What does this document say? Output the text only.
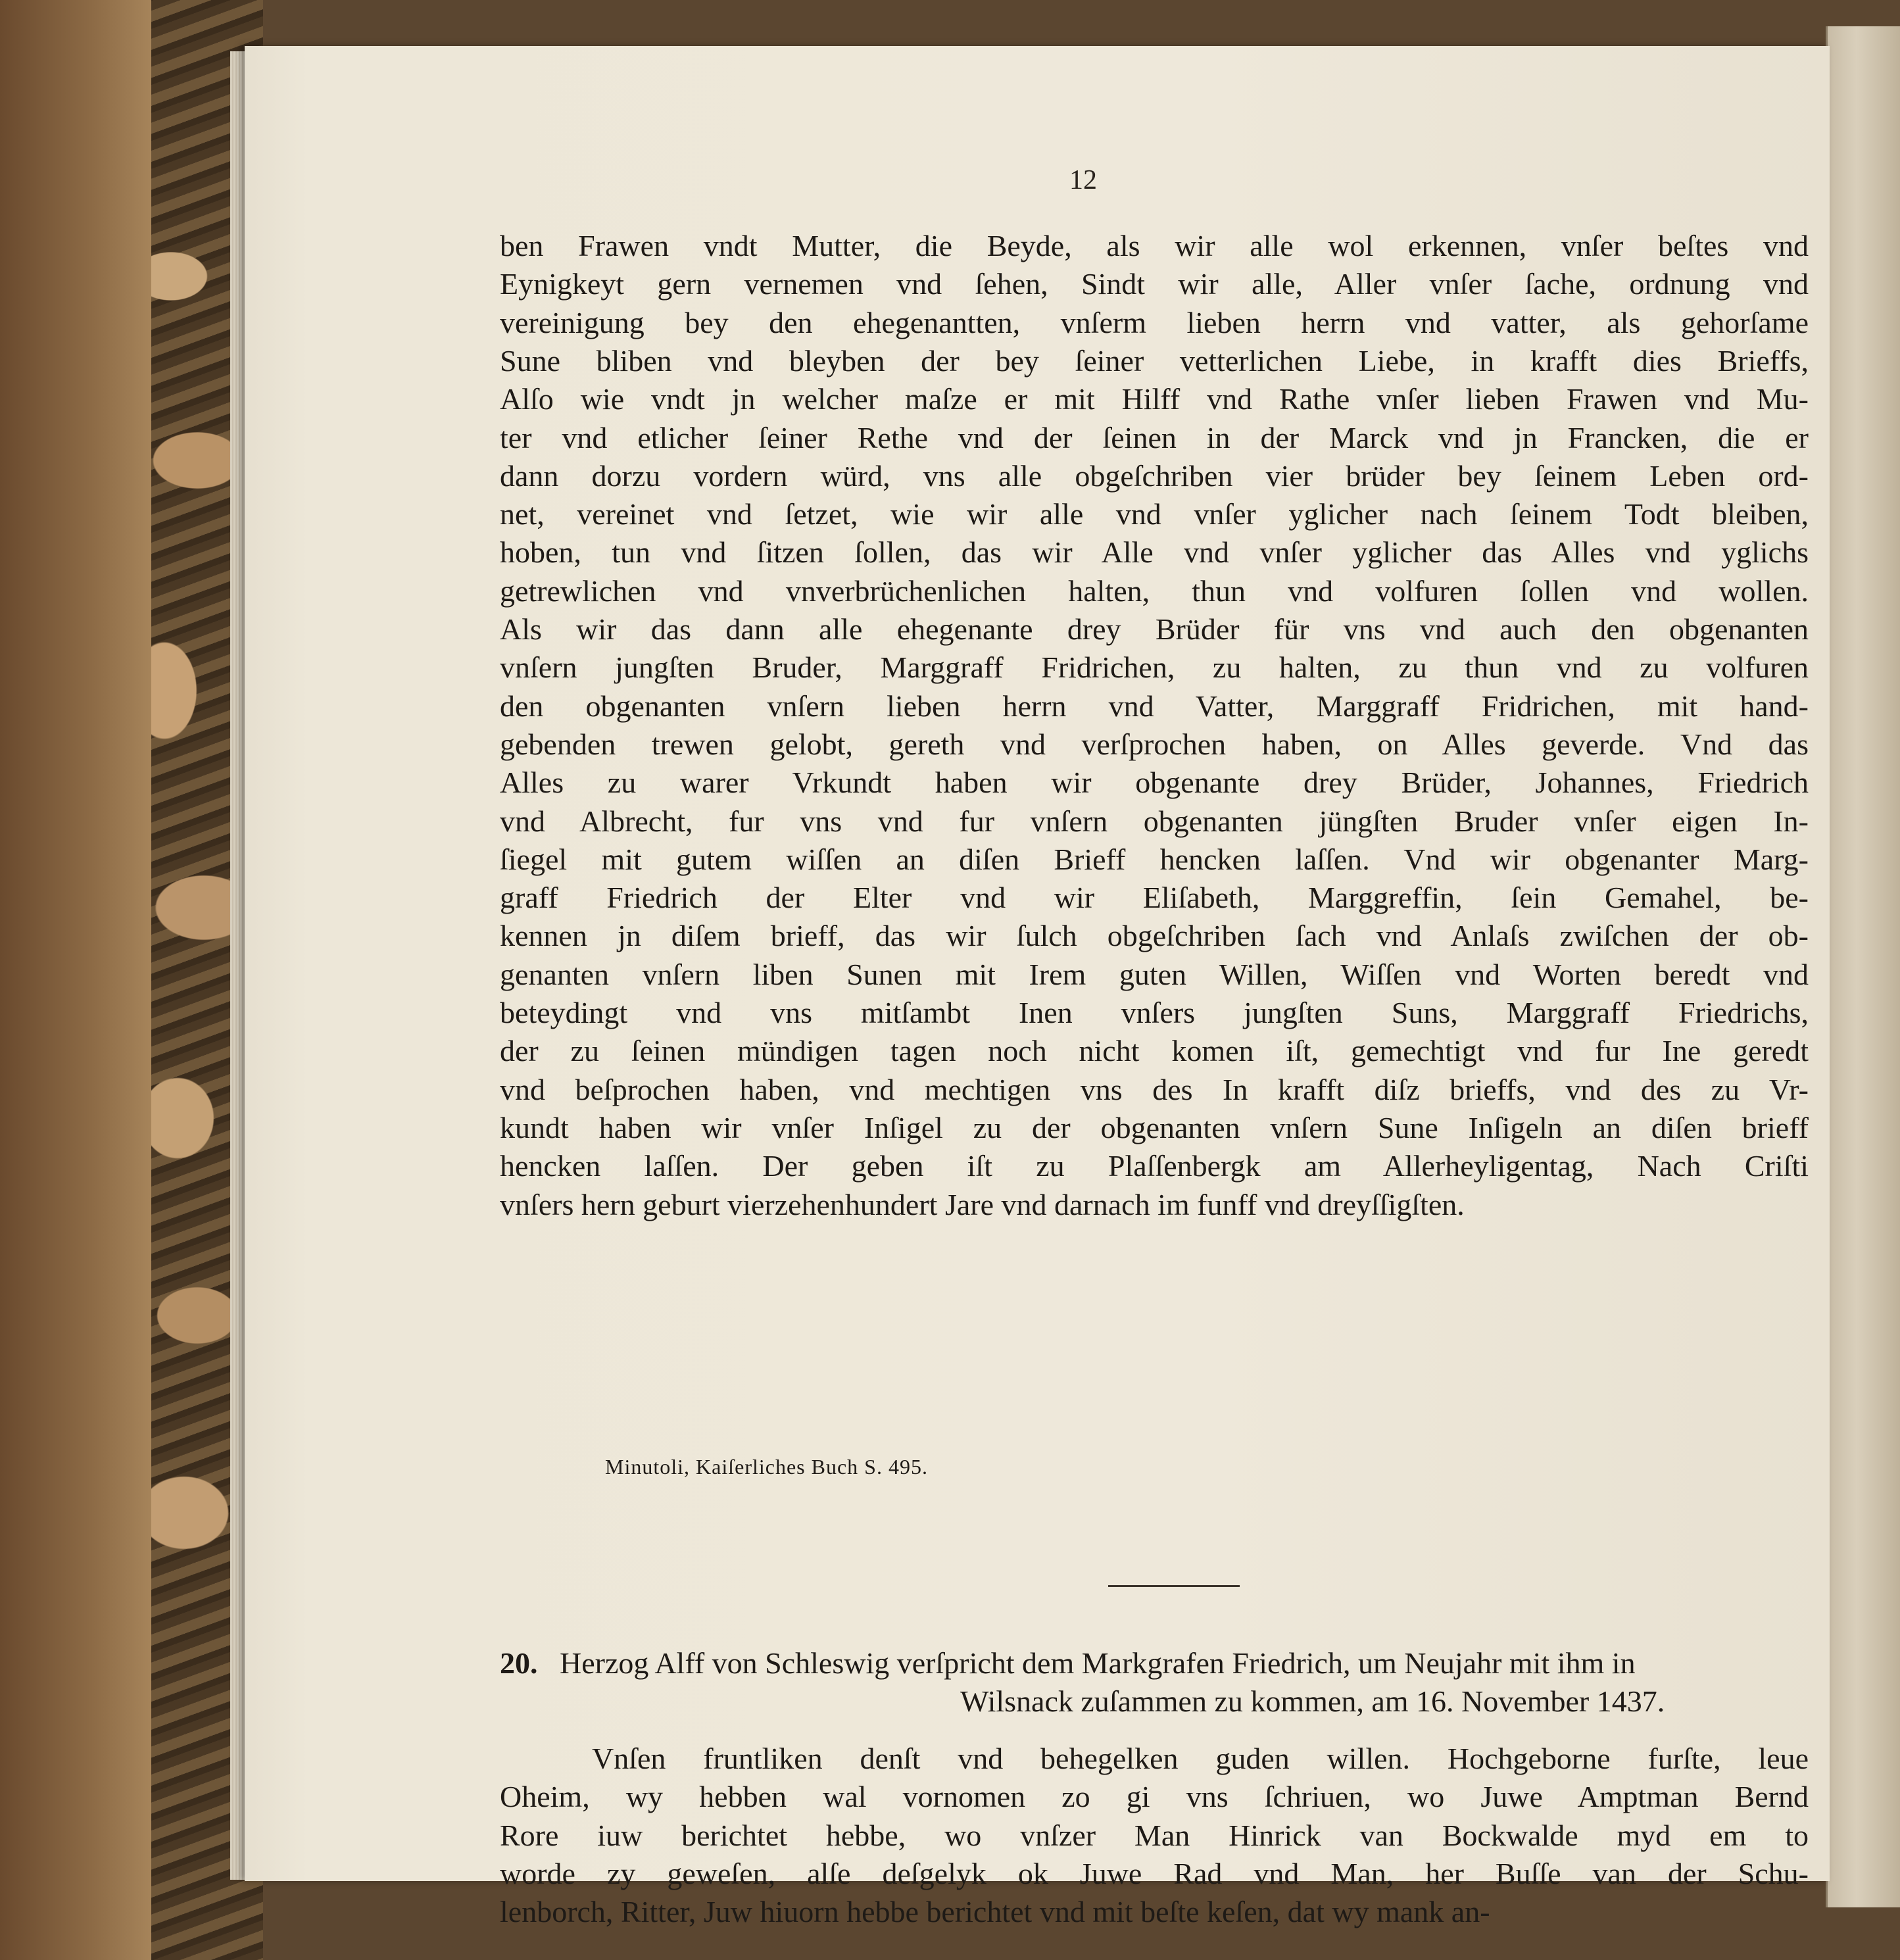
12
ben Frawen vndt Mutter, die Beyde, als wir alle wol erkennen, vnſer beſtes vnd
Eynigkeyt gern vernemen vnd ſehen, Sindt wir alle, Aller vnſer ſache, ordnung vnd
vereinigung bey den ehegenantten, vnſerm lieben herrn vnd vatter, als gehorſame
Sune bliben vnd bleyben der bey ſeiner vetterlichen Liebe, in krafft dies Brieffs,
Alſo wie vndt jn welcher maſze er mit Hilff vnd Rathe vnſer lieben Frawen vnd Mu-
ter vnd etlicher ſeiner Rethe vnd der ſeinen in der Marck vnd jn Francken, die er
dann dorzu vordern würd, vns alle obgeſchriben vier brüder bey ſeinem Leben ord-
net, vereinet vnd ſetzet, wie wir alle vnd vnſer yglicher nach ſeinem Todt bleiben,
hoben, tun vnd ſitzen ſollen, das wir Alle vnd vnſer yglicher das Alles vnd yglichs
getrewlichen vnd vnverbrüchenlichen halten, thun vnd volfuren ſollen vnd wollen.
Als wir das dann alle ehegenante drey Brüder für vns vnd auch den obgenanten
vnſern jungſten Bruder, Marggraff Fridrichen, zu halten, zu thun vnd zu volfuren
den obgenanten vnſern lieben herrn vnd Vatter, Marggraff Fridrichen, mit hand-
gebenden trewen gelobt, gereth vnd verſprochen haben, on Alles geverde. Vnd das
Alles zu warer Vrkundt haben wir obgenante drey Brüder, Johannes, Friedrich
vnd Albrecht, fur vns vnd fur vnſern obgenanten jüngſten Bruder vnſer eigen In-
ſiegel mit gutem wiſſen an diſen Brieff hencken laſſen. Vnd wir obgenanter Marg-
graff Friedrich der Elter vnd wir Eliſabeth, Marggreffin, ſein Gemahel, be-
kennen jn diſem brieff, das wir ſulch obgeſchriben ſach vnd Anlaſs zwiſchen der ob-
genanten vnſern liben Sunen mit Irem guten Willen, Wiſſen vnd Worten beredt vnd
beteydingt vnd vns mitſambt Inen vnſers jungſten Suns, Marggraff Friedrichs,
der zu ſeinen mündigen tagen noch nicht komen iſt, gemechtigt vnd fur Ine geredt
vnd beſprochen haben, vnd mechtigen vns des In krafft diſz brieffs, vnd des zu Vr-
kundt haben wir vnſer Inſigel zu der obgenanten vnſern Sune Inſigeln an diſen brieff
hencken laſſen. Der geben iſt zu Plaſſenbergk am Allerheyligentag, Nach Criſti
vnſers hern geburt vierzehenhundert Jare vnd darnach im funff vnd dreyſſigſten.
Minutoli, Kaiſerliches Buch S. 495.
20. Herzog Alff von Schleswig verſpricht dem Markgrafen Friedrich, um Neujahr mit ihm in
Wilsnack zuſammen zu kommen, am 16. November 1437.
Vnſen fruntliken denſt vnd behegelken guden willen. Hochgeborne furſte, leue
Oheim, wy hebben wal vornomen zo gi vns ſchriuen, wo Juwe Amptman Bernd
Rore iuw berichtet hebbe, wo vnſzer Man Hinrick van Bockwalde myd em to
worde zy geweſen, alſe deſgelyk ok Juwe Rad vnd Man, her Buſſe van der Schu-
lenborch, Ritter, Juw hiuorn hebbe berichtet vnd mit beſte keſen, dat wy mank an-
